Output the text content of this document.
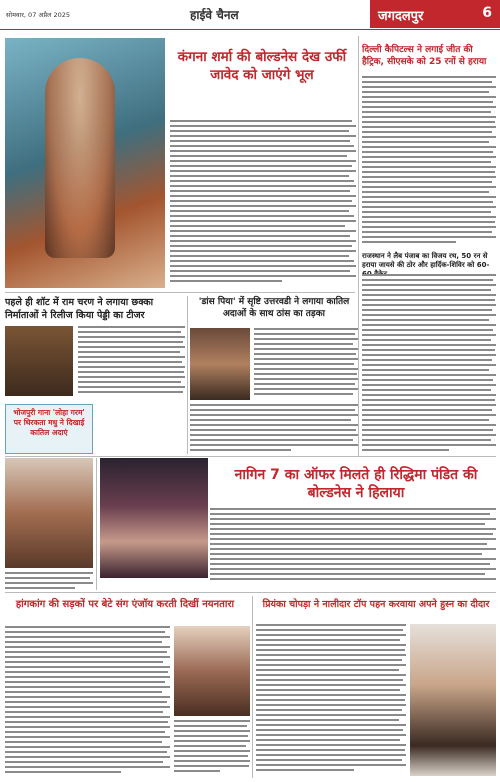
सोमवार, 07 अप्रैल 2025	हाईवे चैनल	जगदलपुर	6
कंगना शर्मा की बोल्डनेस देख उर्फी जावेद को जाएंगे भूल
दिल्ली कैपिटल्स ने लगाई जीत की हैट्रिक, सीएसके को 25 रनों से हराया
राजस्थान ने लैब पंजाब का विजय रथ, 50 रन से हराया जायसे की ठोर और हार्दिक-शिविर को 60-
पहले ही शॉट में राम चरण ने लगाया छक्का निर्माताओं ने रिलीज किया पेड्डी का टीजर
'डांस पिया' में सृष्टि उत्तरवडी ने लगाया कातिल अदाओं के साथ ठांस का तड़का
भोजपुरी गाना 'लोहा गरम' पर थिरकता मधु ने दिखाई कातिल अदाएं
नागिन 7 का ऑफर मिलते ही रिद्धिमा पंडित की बोल्डनेस ने हिलाया
हांगकांग की सड़कों पर बेटे संग एंजॉय करती दिखीं नयनतारा	प्रियंका चोपड़ा ने नालीदार टॉप पहन करवाया अपने हुस्न का दीदार
